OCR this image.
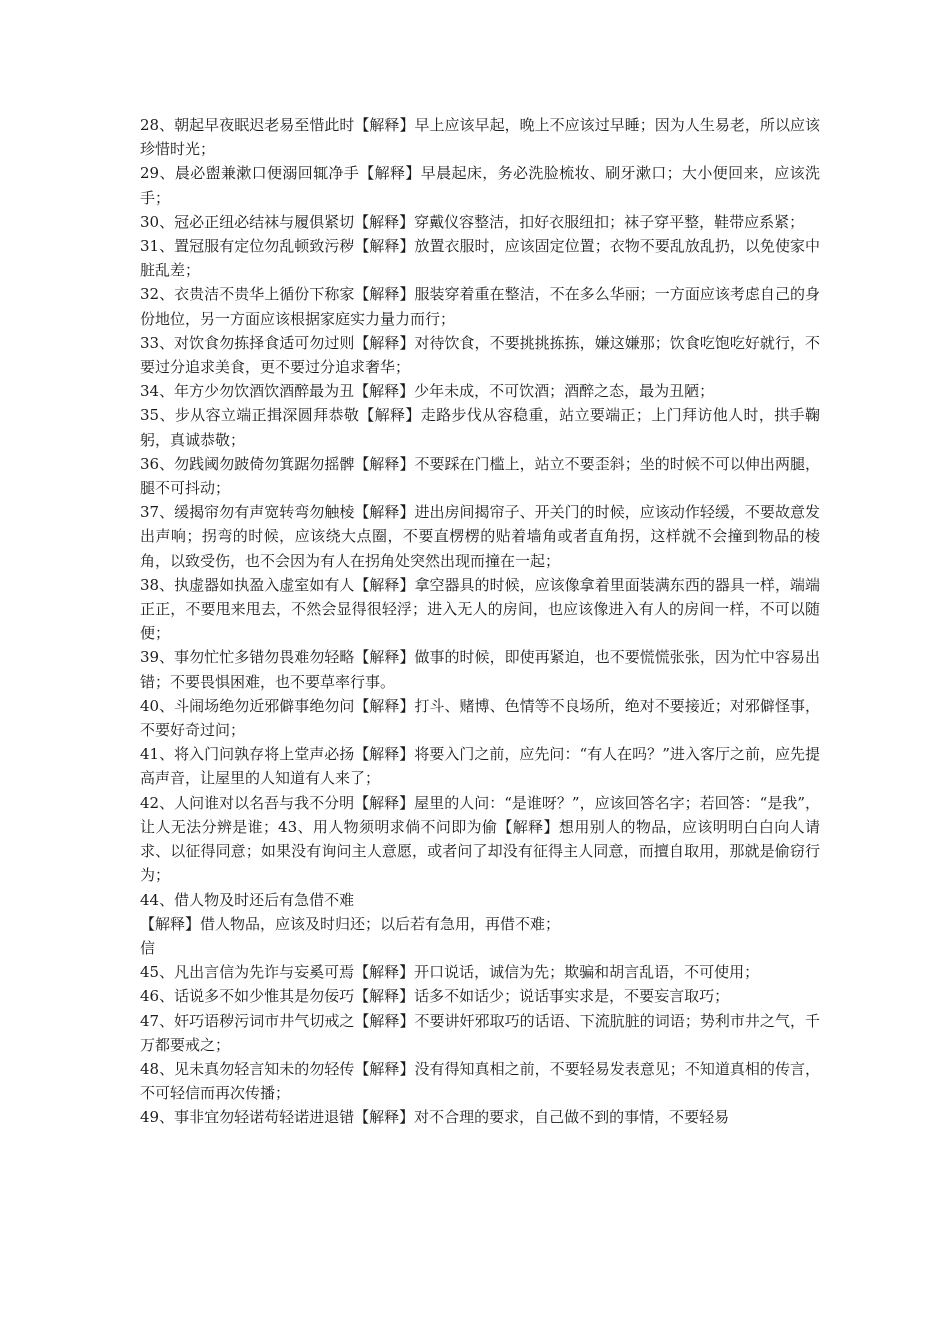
28、朝起早夜眠迟老易至惜此时【解释】早上应该早起，晚上不应该过早睡；因为人生易老，所以应该珍惜时光；

29、晨必盥兼漱口便溺回辄净手【解释】早晨起床，务必洗脸梳妆、刷牙漱口；大小便回来，应该洗手；

30、冠必正纽必结袜与履俱紧切【解释】穿戴仪容整洁，扣好衣服纽扣；袜子穿平整，鞋带应系紧；

31、置冠服有定位勿乱顿致污秽【解释】放置衣服时，应该固定位置；衣物不要乱放乱扔，以免使家中脏乱差；

32、衣贵洁不贵华上循份下称家【解释】服装穿着重在整洁，不在多么华丽；一方面应该考虑自己的身份地位，另一方面应该根据家庭实力量力而行；

33、对饮食勿拣择食适可勿过则【解释】对待饮食，不要挑挑拣拣，嫌这嫌那；饮食吃饱吃好就行，不要过分追求美食，更不要过分追求奢华；

34、年方少勿饮酒饮酒醉最为丑【解释】少年未成，不可饮酒；酒醉之态，最为丑陋；

35、步从容立端正揖深圆拜恭敬【解释】走路步伐从容稳重，站立要端正；上门拜访他人时，拱手鞠躬，真诚恭敬；

36、勿践阈勿跛倚勿箕踞勿摇髀【解释】不要踩在门槛上，站立不要歪斜；坐的时候不可以伸出两腿，腿不可抖动；

37、缓揭帘勿有声宽转弯勿触棱【解释】进出房间揭帘子、开关门的时候，应该动作轻缓，不要故意发出声响；拐弯的时候，应该绕大点圈，不要直楞楞的贴着墙角或者直角拐，这样就不会撞到物品的棱角，以致受伤，也不会因为有人在拐角处突然出现而撞在一起；

38、执虚器如执盈入虚室如有人【解释】拿空器具的时候，应该像拿着里面装满东西的器具一样，端端正正，不要甩来甩去，不然会显得很轻浮；进入无人的房间，也应该像进入有人的房间一样，不可以随便；

39、事勿忙忙多错勿畏难勿轻略【解释】做事的时候，即使再紧迫，也不要慌慌张张，因为忙中容易出错；不要畏惧困难，也不要草率行事。

40、斗闹场绝勿近邪僻事绝勿问【解释】打斗、赌博、色情等不良场所，绝对不要接近；对邪僻怪事，不要好奇过问；

41、将入门问孰存将上堂声必扬【解释】将要入门之前，应先问：“有人在吗？”进入客厅之前，应先提高声音，让屋里的人知道有人来了；

42、人问谁对以名吾与我不分明【解释】屋里的人问：“是谁呀？”，应该回答名字；若回答：“是我”，让人无法分辨是谁；43、用人物须明求倘不问即为偷【解释】想用别人的物品，应该明明白白向人请求、以征得同意；如果没有询问主人意愿，或者问了却没有征得主人同意，而擅自取用，那就是偷窃行为；

44、借人物及时还后有急借不难

【解释】借人物品，应该及时归还；以后若有急用，再借不难；

信

45、凡出言信为先诈与妄奚可焉【解释】开口说话，诚信为先；欺骗和胡言乱语，不可使用；

46、话说多不如少惟其是勿佞巧【解释】话多不如话少；说话事实求是，不要妄言取巧；

47、奸巧语秽污词市井气切戒之【解释】不要讲奸邪取巧的话语、下流肮脏的词语；势利市井之气，千万都要戒之；

48、见未真勿轻言知未的勿轻传【解释】没有得知真相之前，不要轻易发表意见；不知道真相的传言，不可轻信而再次传播；

49、事非宜勿轻诺苟轻诺进退错【解释】对不合理的要求，自己做不到的事情，不要轻易
